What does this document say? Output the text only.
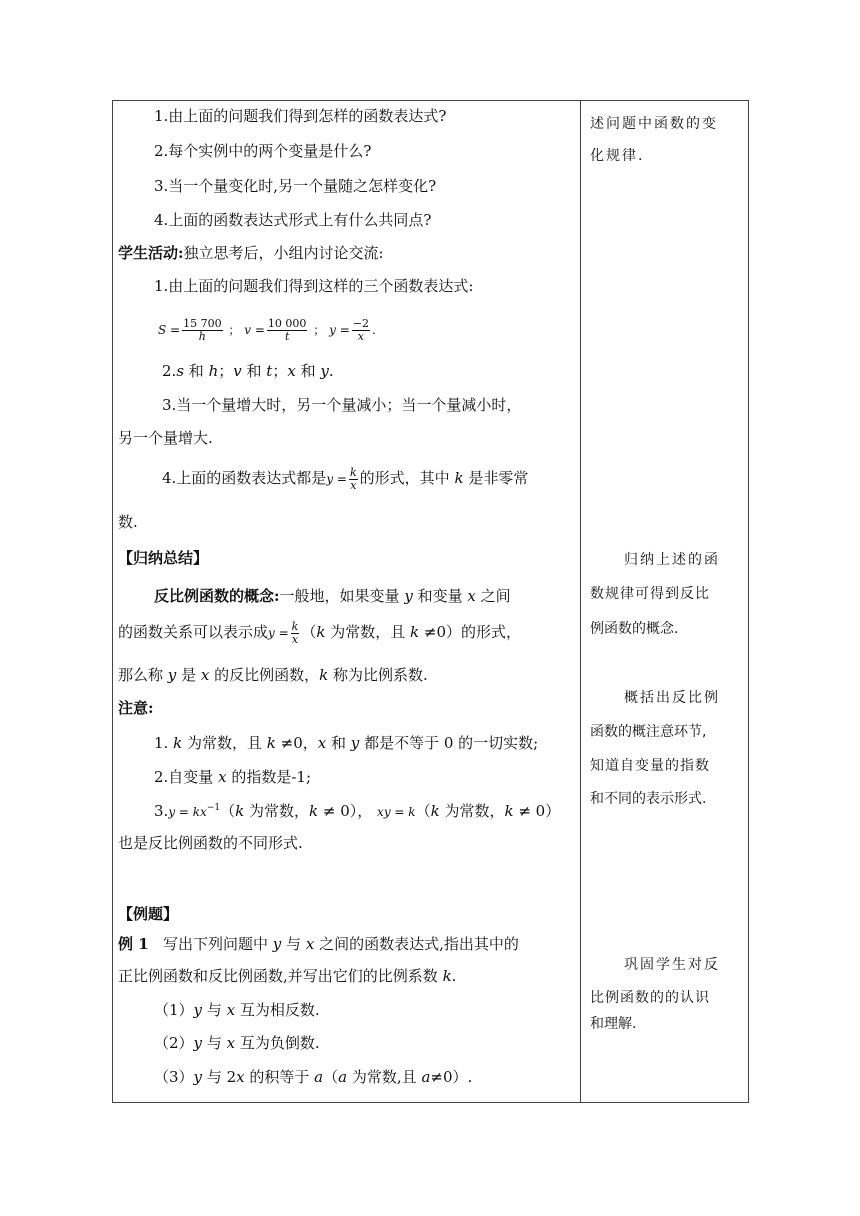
1.由上面的问题我们得到怎样的函数表达式?
2.每个实例中的两个变量是什么?
3.当一个量变化时,另一个量随之怎样变化?
4.上面的函数表达式形式上有什么共同点?
学生活动:独立思考后，小组内讨论交流:
1.由上面的问题我们得到这样的三个函数表达式:
$S = \frac{15 700}{h}$ ； $v = \frac{10 000}{t}$ ； $y = \frac{-2}{x}$ .
2.s 和 h；v 和 t；x 和 y.
3.当一个量增大时，另一个量减小；当一个量减小时，
另一个量增大.
4.上面的函数表达式都是$y = \frac{k}{x}$ 的形式，其中 k 是非零常
数.
【归纳总结】
反比例函数的概念:一般地，如果变量 y 和变量 x 之间
的函数关系可以表示成$y = \frac{k}{x} (k$ 为常数，且 k ≠0）的形式，
那么称 y 是 x 的反比例函数，k 称为比例系数.
注意:
1. k 为常数，且 k ≠0，x 和 y 都是不等于 0 的一切实数;
2.自变量 x 的指数是-1;
$3.y = kx^{-1}(k$ 为常数，k ≠ 0）， xy = k（k 为常数，k ≠ 0）
也是反比例函数的不同形式.
【例题】
例 1 写出下列问题中 y 与 x 之间的函数表达式,指出其中的
正比例函数和反比例函数,并写出它们的比例系数 k.
（1）y 与 x 互为相反数.
（2）y 与 x 互为负倒数.
（3）y 与 2x 的积等于 a（a 为常数,且 a≠0）.
述问题中函数的变
化规律.
归纳上述的函
数规律可得到反比
例函数的概念.
概括出反比例
函数的概注意环节,
知道自变量的指数
和不同的表示形式.
巩固学生对反
比例函数的的认识
和理解.
